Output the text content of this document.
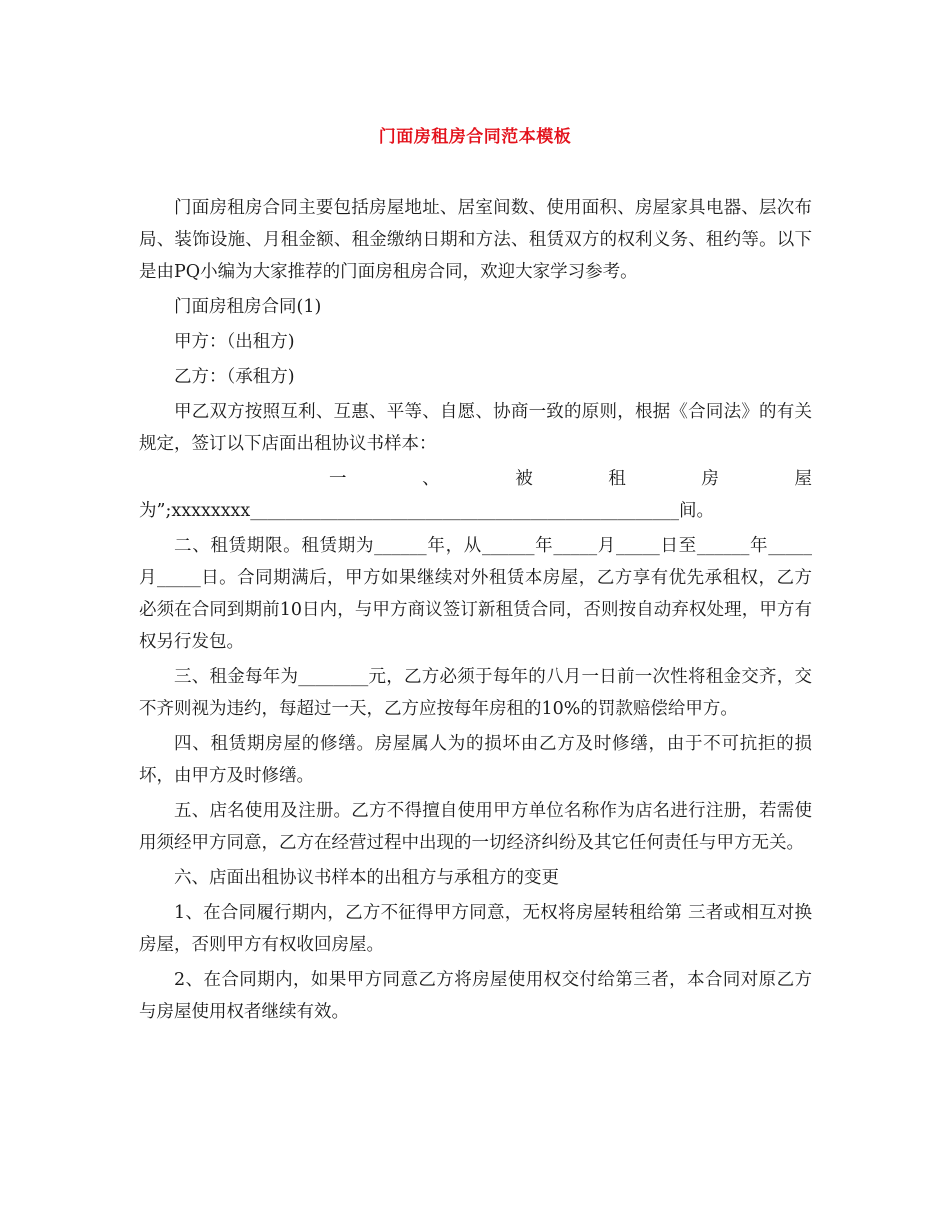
门面房租房合同范本模板

门面房租房合同主要包括房屋地址、居室间数、使用面积、房屋家具电器、层次布局、装饰设施、月租金额、租金缴纳日期和方法、租赁双方的权利义务、租约等。以下是由PQ小编为大家推荐的门面房租房合同，欢迎大家学习参考。

门面房租房合同(1)

甲方：（出租方)

乙方：（承租方)

甲乙双方按照互利、互惠、平等、自愿、协商一致的原则，根据《合同法》的有关规定，签订以下店面出租协议书样本：

一 、 被 租 房 屋

为”;xxxxxxxx_________________________________________________间。

二、租赁期限。租赁期为______年，从______年_____月_____日至______年_____月_____日。合同期满后，甲方如果继续对外租赁本房屋，乙方享有优先承租权，乙方必须在合同到期前10日内，与甲方商议签订新租赁合同，否则按自动弃权处理，甲方有权另行发包。

三、租金每年为________元，乙方必须于每年的八月一日前一次性将租金交齐，交不齐则视为违约，每超过一天，乙方应按每年房租的10%的罚款赔偿给甲方。

四、租赁期房屋的修缮。房屋属人为的损坏由乙方及时修缮，由于不可抗拒的损坏，由甲方及时修缮。

五、店名使用及注册。乙方不得擅自使用甲方单位名称作为店名进行注册，若需使用须经甲方同意，乙方在经营过程中出现的一切经济纠纷及其它任何责任与甲方无关。

六、店面出租协议书样本的出租方与承租方的变更

1、在合同履行期内，乙方不征得甲方同意，无权将房屋转租给第 三者或相互对换房屋，否则甲方有权收回房屋。

2、在合同期内，如果甲方同意乙方将房屋使用权交付给第三者，本合同对原乙方与房屋使用权者继续有效。
